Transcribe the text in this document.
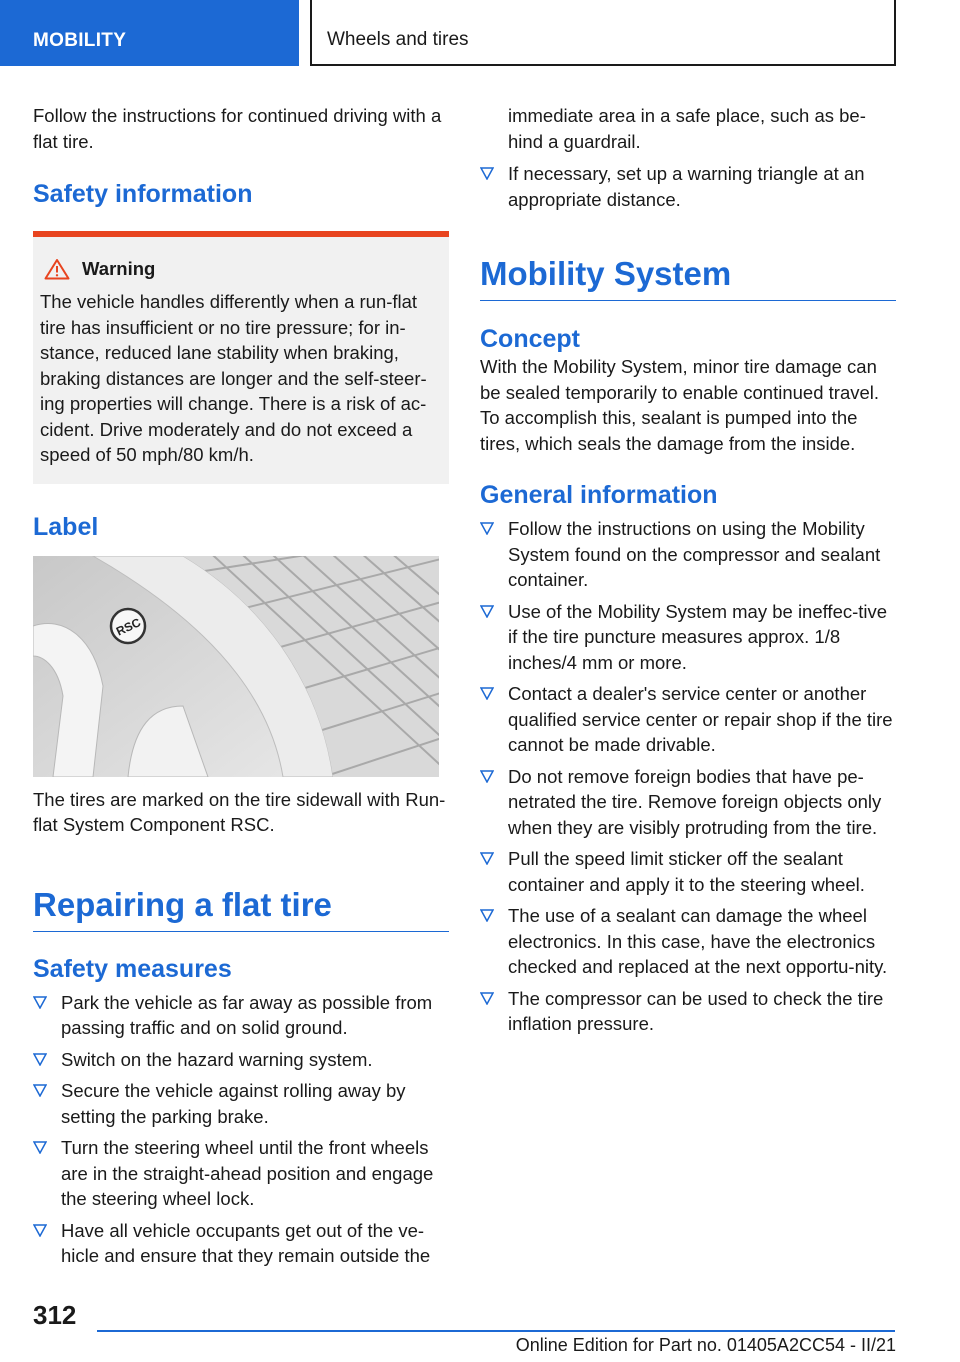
MOBILITY	Wheels and tires

Follow the instructions for continued driving with a flat tire.

Safety information
Warning

The vehicle handles differently when a run-flat tire has insufficient or no tire pressure; for in-stance, reduced lane stability when braking, braking distances are longer and the self-steer-ing properties will change. There is a risk of ac-cident. Drive moderately and do not exceed a speed of 50 mph/80 km/h.

Label
RSC

The tires are marked on the tire sidewall with Run-flat System Component RSC.

Repairing a flat tire
Safety measures
Park the vehicle as far away as possible from passing traffic and on solid ground.
Switch on the hazard warning system.
Secure the vehicle against rolling away by setting the parking brake.
Turn the steering wheel until the front wheels are in the straight-ahead position and engage the steering wheel lock.
Have all vehicle occupants get out of the ve-hicle and ensure that they remain outside the
immediate area in a safe place, such as be-hind a guardrail.
If necessary, set up a warning triangle at an appropriate distance.
Mobility System
Concept

With the Mobility System, minor tire damage can be sealed temporarily to enable continued travel. To accomplish this, sealant is pumped into the tires, which seals the damage from the inside.

General information
Follow the instructions on using the Mobility System found on the compressor and sealant container.
Use of the Mobility System may be ineffec-tive if the tire puncture measures approx. 1/8 inches/4 mm or more.
Contact a dealer's service center or another qualified service center or repair shop if the tire cannot be made drivable.
Do not remove foreign bodies that have pe-netrated the tire. Remove foreign objects only when they are visibly protruding from the tire.
Pull the speed limit sticker off the sealant container and apply it to the steering wheel.
The use of a sealant can damage the wheel electronics. In this case, have the electronics checked and replaced at the next opportu-nity.
The compressor can be used to check the tire inflation pressure.
312
Online Edition for Part no. 01405A2CC54 - II/21
